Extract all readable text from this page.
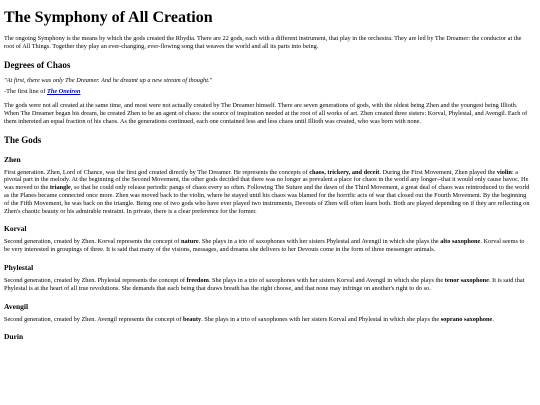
The Symphony of All Creation

The ongoing Symphony is the means by which the gods created the Rhydia. There are 22 gods, each with a different instrument, that play in the orchestra. They are led by The Dreamer: the conductor at the root of All Things. Together they play an ever-changing, ever-flowing song that weaves the world and all its parts into being.

Degrees of Chaos

"At first, there was only The Dreamer. And he dreamt up a new stream of thought."

-The first line of The Oneiron

The gods were not all created at the same time, and most were not actually created by The Dreamer himself. There are seven generations of gods, with the oldest being Zhen and the youngest being Illioth. When The Dreamer began his dream, he created Zhen to be an agent of chaos: the source of inspiration needed at the root of all works of art. Zhen created three sisters: Korval, Phylestal, and Avengil. Each of them inhereted an equal fraction of his chaos. As the generations continued, each one contained less and less chaos until Illioth was created, who was born with none.

The Gods
Zhen

First generation. Zhen, Lord of Chance, was the first god created directly by The Dreamer. He represents the concepts of chaos, trickery, and deceit. During the First Movement, Zhen played the violin: a pivotal part in the melody. At the beginning of the Second Movement, the other gods decided that there was no longer as prevalent a place for chaos in the world any longer--that it would only cause havoc. He was moved to the triangle, so that he could only release periodic pangs of chaos every so often. Following The Suture and the dawn of the Third Movement, a great deal of chaos was reintroduced to the world as the Planes became connected once more. Zhen was moved back to the violin, where he stayed until his chaos was blamed for the horrific acts of war that closed out the Fourth Movement. By the beginning of the Fifth Movement, he was back on the triangle. Being one of two gods who have ever played two instruments, Devouts of Zhen will often learn both. Both are played depending on if they are reflecting on Zhen's chaotic beauty or his admirable restraint. In private, there is a clear preference for the former.

Korval

Second generation, created by Zhen. Korval represents the concept of nature. She plays in a trio of saxophones with her sisters Phylestal and Avengil in which she plays the alto saxophone. Korval seems to be very interested in groupings of three. It is said that many of the visions, messages, and dreams she delivers to her Devouts come in the form of three messenger animals.

Phylestal

Second generation, created by Zhen. Phylestal represents the concept of freedom. She plays in a trio of saxophones with her sisters Korval and Avengil in which she plays the tenor saxophone. It is said that Phylestal is at the heart of all true revolutions. She demands that each being that draws breath has the right choose, and that none may infringe on another's right to do so.

Avengil

Second generation, created by Zhen. Avengil represents the concept of beauty. She plays in a trio of saxophones with her sisters Korval and Phylestal in which she plays the soprano saxophone.

Durin
